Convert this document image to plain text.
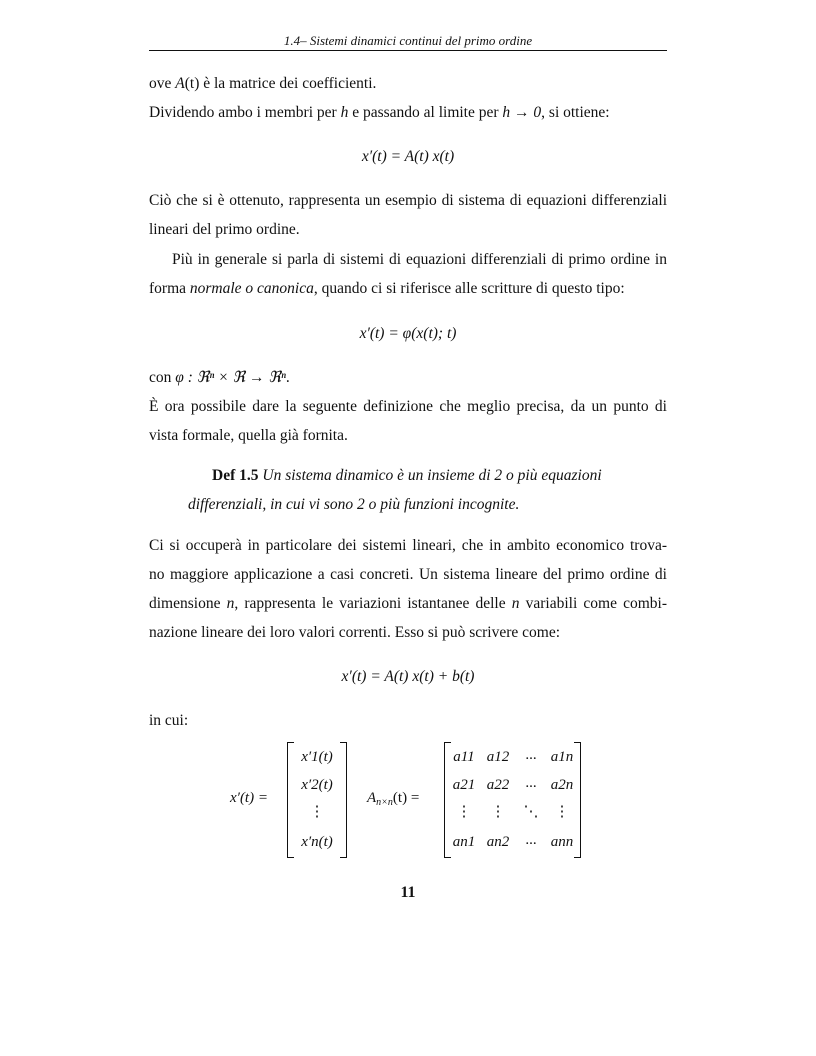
1.4– Sistemi dinamici continui del primo ordine
ove A(t) è la matrice dei coefficienti.
Dividendo ambo i membri per h e passando al limite per h → 0, si ottiene:
x′(t) = A(t) x(t)
Ciò che si è ottenuto, rappresenta un esempio di sistema di equazioni differenziali
lineari del primo ordine.
Più in generale si parla di sistemi di equazioni differenziali di primo ordine in
forma normale o canonica, quando ci si riferisce alle scritture di questo tipo:
x′(t) = φ(x(t); t)
con φ : ℜⁿ × ℜ → ℜⁿ.
È ora possibile dare la seguente definizione che meglio precisa, da un punto di
vista formale, quella già fornita.
Def 1.5 Un sistema dinamico è un insieme di 2 o più equazioni
differenziali, in cui vi sono 2 o più funzioni incognite.
Ci si occuperà in particolare dei sistemi lineari, che in ambito economico trova-
no maggiore applicazione a casi concreti. Un sistema lineare del primo ordine di
dimensione n, rappresenta le variazioni istantanee delle n variabili come combi-
nazione lineare dei loro valori correnti. Esso si può scrivere come:
x′(t) = A(t) x(t) + b(t)
in cui:
x′(t) =
x′1(t)
x′2(t)
⋮
x′n(t)
$A_{n\times n}(t)$ =
a11 a12	... a1n
a21 a22	... a2n
⋮	⋮	⋱	⋮
an1 an2	... ann
11
